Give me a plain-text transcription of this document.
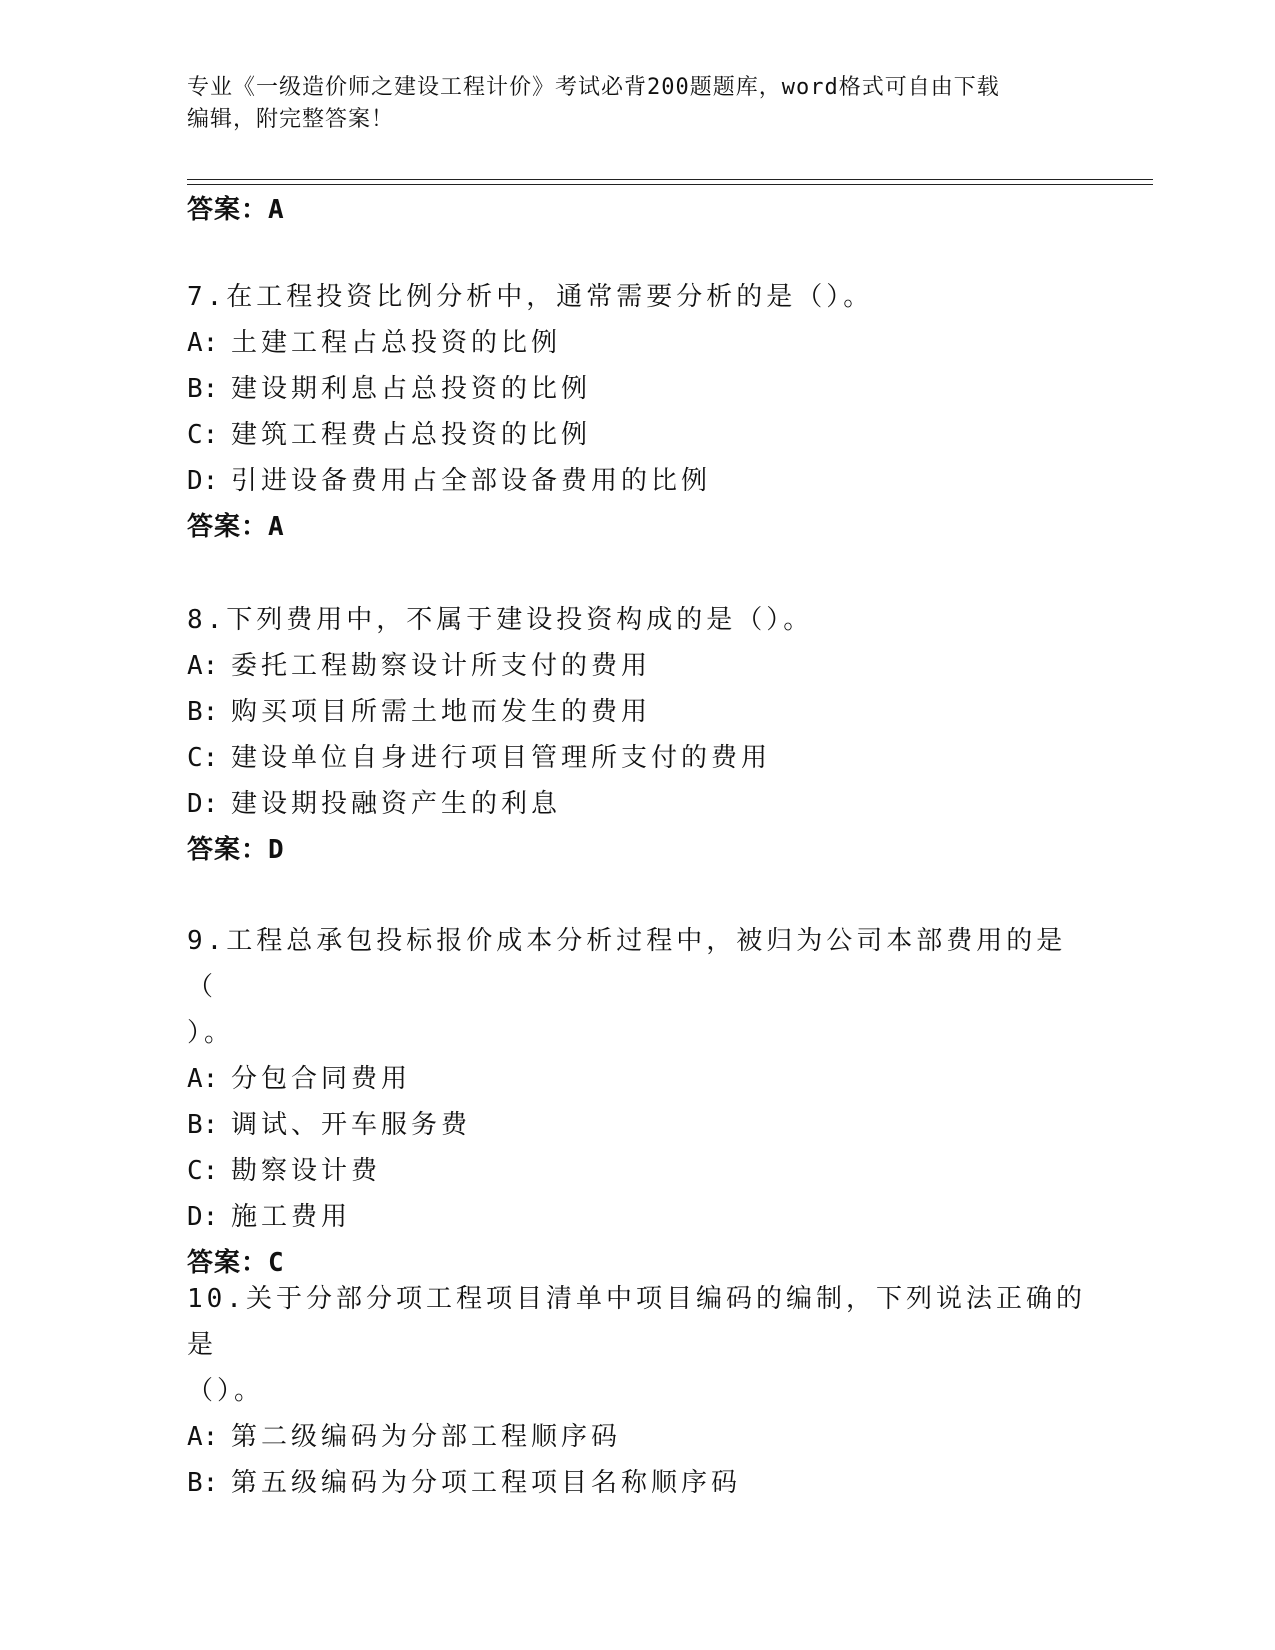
专业《一级造价师之建设工程计价》考试必背200题题库，word格式可自由下载
编辑，附完整答案！
答案：A
7.在工程投资比例分析中，通常需要分析的是（）。
A: 土建工程占总投资的比例
B: 建设期利息占总投资的比例
C: 建筑工程费占总投资的比例
D: 引进设备费用占全部设备费用的比例
答案：A
8.下列费用中，不属于建设投资构成的是（）。
A: 委托工程勘察设计所支付的费用
B: 购买项目所需土地而发生的费用
C: 建设单位自身进行项目管理所支付的费用
D: 建设期投融资产生的利息
答案：D
9.工程总承包投标报价成本分析过程中，被归为公司本部费用的是（
）。
A: 分包合同费用
B: 调试、开车服务费
C: 勘察设计费
D: 施工费用
答案：C
10.关于分部分项工程项目清单中项目编码的编制，下列说法正确的是
（）。
A: 第二级编码为分部工程顺序码
B: 第五级编码为分项工程项目名称顺序码
